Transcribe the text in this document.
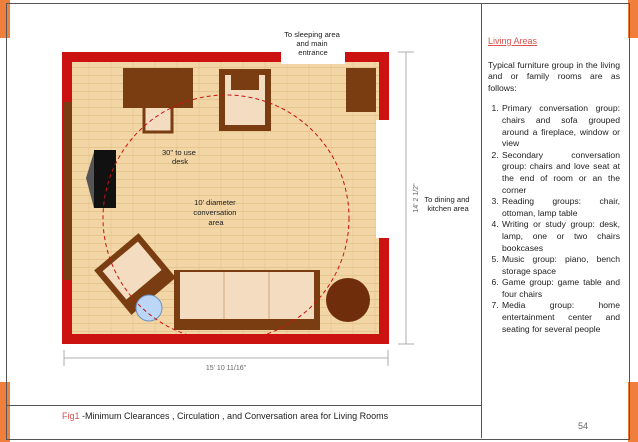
To sleeping area and main entrance
To dining and kitchen area
30" to use desk
10' diameter conversation area
15' 10 11/16"
14' 2 1/2"
Fig1 -Minimum Clearances , Circulation , and Conversation area for Living Rooms
Living Areas
Typical furniture group in the living and or family rooms are as follows:
1. Primary conversation group: chairs and sofa grouped around a fireplace, window or view
2. Secondary conversation group: chairs and love seat at the end of room or an the corner
3. Reading groups: chair, ottoman, lamp table
4. Writing or study group: desk, lamp, one or two chairs bookcases
5. Music group: piano, bench storage space
6. Game group: game table and four chairs
7. Media group: home entertainment center and seating for several people
54
